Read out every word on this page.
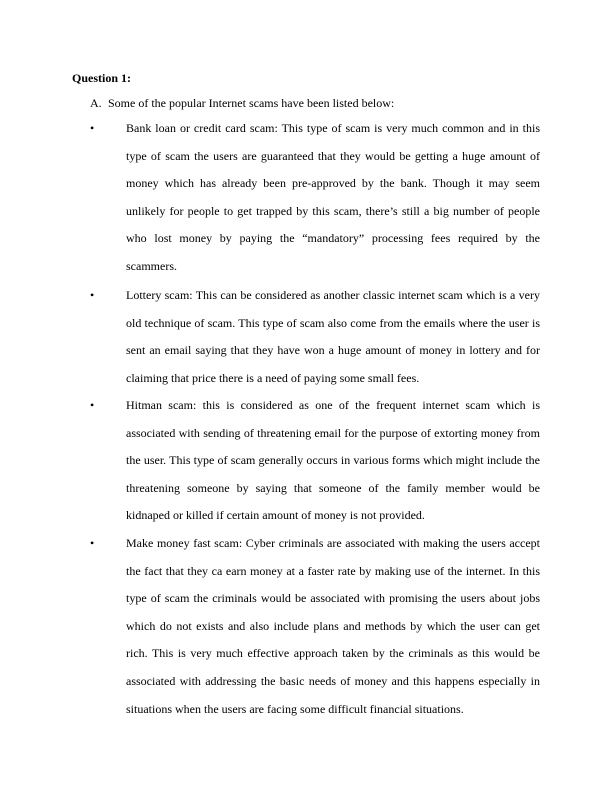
Question 1:
A. Some of the popular Internet scams have been listed below:
•	Bank loan or credit card scam: This type of scam is very much common and in this type of scam the users are guaranteed that they would be getting a huge amount of money which has already been pre-approved by the bank. Though it may seem unlikely for people to get trapped by this scam, there’s still a big number of people who lost money by paying the “mandatory” processing fees required by the scammers.
•	Lottery scam: This can be considered as another classic internet scam which is a very old technique of scam. This type of scam also come from the emails where the user is sent an email saying that they have won a huge amount of money in lottery and for claiming that price there is a need of paying some small fees.
•	Hitman scam: this is considered as one of the frequent internet scam which is associated with sending of threatening email for the purpose of extorting money from the user. This type of scam generally occurs in various forms which might include the threatening someone by saying that someone of the family member would be kidnaped or killed if certain amount of money is not provided.
•	Make money fast scam: Cyber criminals are associated with making the users accept the fact that they ca earn money at a faster rate by making use of the internet. In this type of scam the criminals would be associated with promising the users about jobs which do not exists and also include plans and methods by which the user can get rich. This is very much effective approach taken by the criminals as this would be associated with addressing the basic needs of money and this happens especially in situations when the users are facing some difficult financial situations.
